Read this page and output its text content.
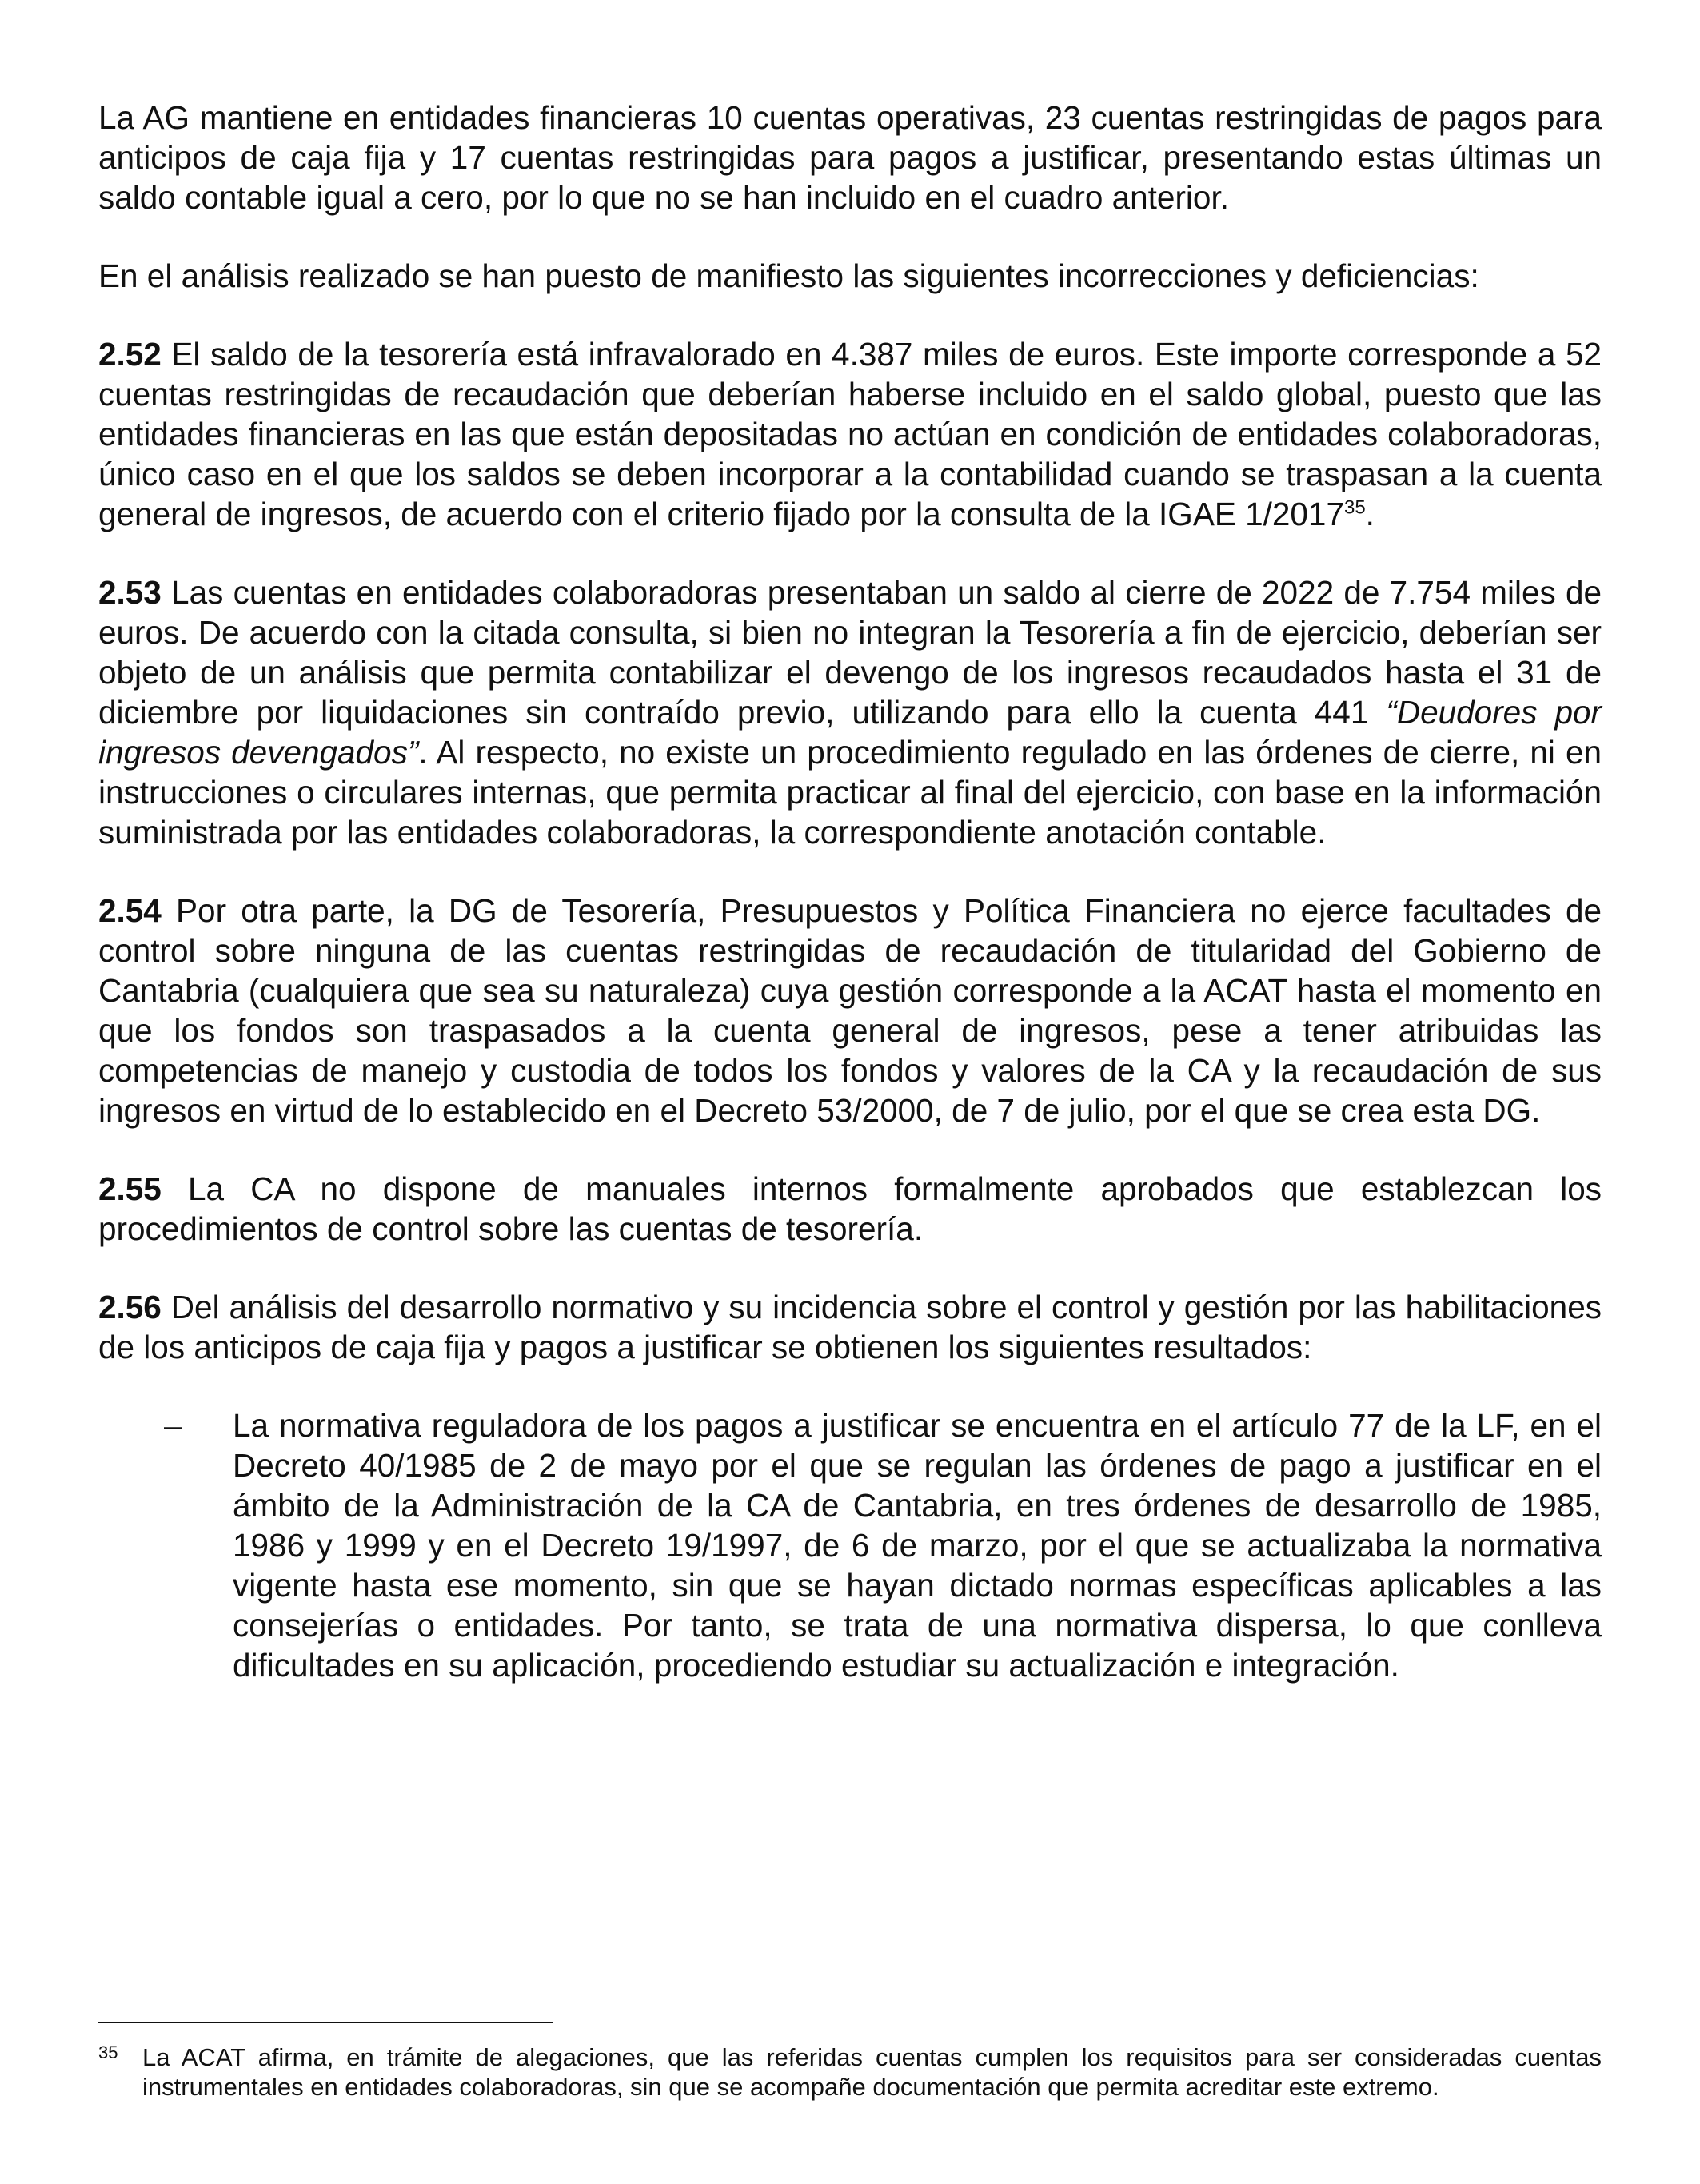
La AG mantiene en entidades financieras 10 cuentas operativas, 23 cuentas restringidas de pagos para anticipos de caja fija y 17 cuentas restringidas para pagos a justificar, presentando estas últimas un saldo contable igual a cero, por lo que no se han incluido en el cuadro anterior.

En el análisis realizado se han puesto de manifiesto las siguientes incorrecciones y deficiencias:

2.52 El saldo de la tesorería está infravalorado en 4.387 miles de euros. Este importe corresponde a 52 cuentas restringidas de recaudación que deberían haberse incluido en el saldo global, puesto que las entidades financieras en las que están depositadas no actúan en condición de entidades colaboradoras, único caso en el que los saldos se deben incorporar a la contabilidad cuando se traspasan a la cuenta general de ingresos, de acuerdo con el criterio fijado por la consulta de la IGAE 1/2017$^{35}$.

2.53 Las cuentas en entidades colaboradoras presentaban un saldo al cierre de 2022 de 7.754 miles de euros. De acuerdo con la citada consulta, si bien no integran la Tesorería a fin de ejercicio, deberían ser objeto de un análisis que permita contabilizar el devengo de los ingresos recaudados hasta el 31 de diciembre por liquidaciones sin contraído previo, utilizando para ello la cuenta 441 “Deudores por ingresos devengados”. Al respecto, no existe un procedimiento regulado en las órdenes de cierre, ni en instrucciones o circulares internas, que permita practicar al final del ejercicio, con base en la información suministrada por las entidades colaboradoras, la correspondiente anotación contable.

2.54 Por otra parte, la DG de Tesorería, Presupuestos y Política Financiera no ejerce facultades de control sobre ninguna de las cuentas restringidas de recaudación de titularidad del Gobierno de Cantabria (cualquiera que sea su naturaleza) cuya gestión corresponde a la ACAT hasta el momento en que los fondos son traspasados a la cuenta general de ingresos, pese a tener atribuidas las competencias de manejo y custodia de todos los fondos y valores de la CA y la recaudación de sus ingresos en virtud de lo establecido en el Decreto 53/2000, de 7 de julio, por el que se crea esta DG.

2.55 La CA no dispone de manuales internos formalmente aprobados que establezcan los procedimientos de control sobre las cuentas de tesorería.

2.56 Del análisis del desarrollo normativo y su incidencia sobre el control y gestión por las habilitaciones de los anticipos de caja fija y pagos a justificar se obtienen los siguientes resultados:

– La normativa reguladora de los pagos a justificar se encuentra en el artículo 77 de la LF, en el Decreto 40/1985 de 2 de mayo por el que se regulan las órdenes de pago a justificar en el ámbito de la Administración de la CA de Cantabria, en tres órdenes de desarrollo de 1985, 1986 y 1999 y en el Decreto 19/1997, de 6 de marzo, por el que se actualizaba la normativa vigente hasta ese momento, sin que se hayan dictado normas específicas aplicables a las consejerías o entidades. Por tanto, se trata de una normativa dispersa, lo que conlleva dificultades en su aplicación, procediendo estudiar su actualización e integración.
35 La ACAT afirma, en trámite de alegaciones, que las referidas cuentas cumplen los requisitos para ser consideradas cuentas instrumentales en entidades colaboradoras, sin que se acompañe documentación que permita acreditar este extremo.
